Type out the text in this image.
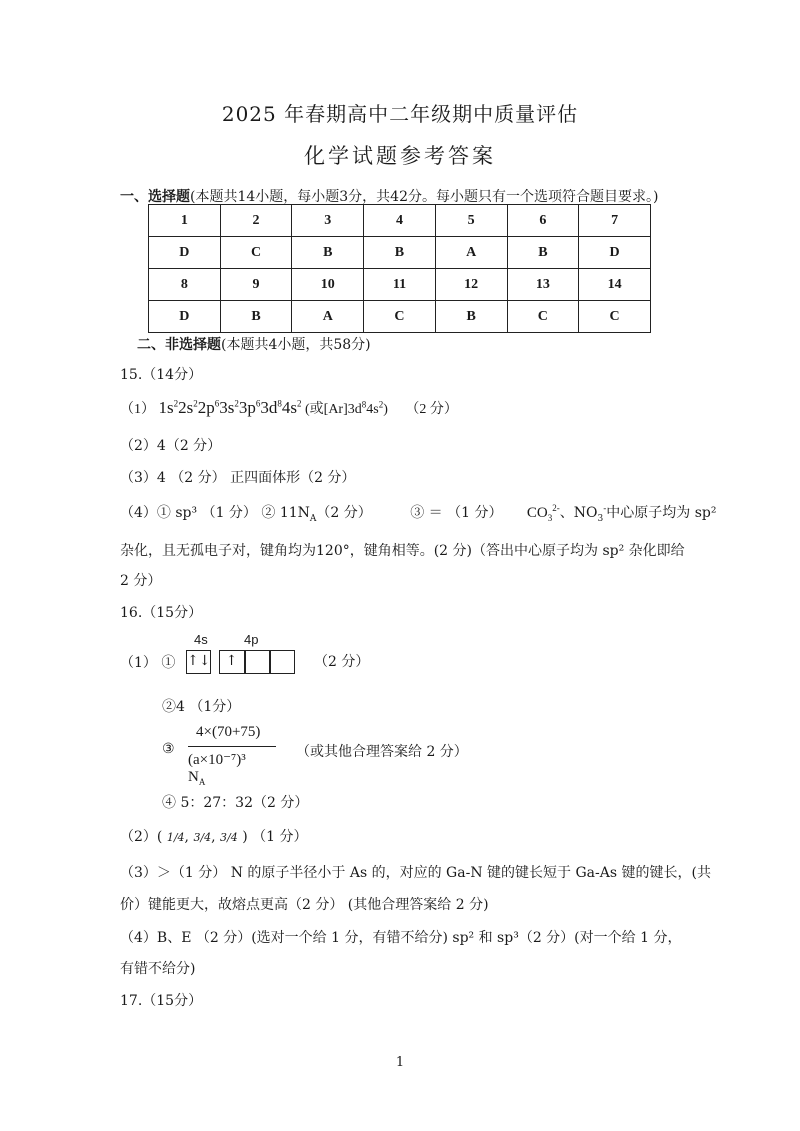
2025 年春期高中二年级期中质量评估
化学试题参考答案
一、选择题(本题共14小题，每小题3分，共42分。每小题只有一个选项符合题目要求。)
1	2	3	4	5	6	7
D	C	B	B	A	B	D
8	9	10	11	12	13	14
D	B	A	C	B	C	C
二、非选择题(本题共4小题，共58分)
15.（14分）
（1） $1s^22s^22p^63s^23p^63d^84s^2$ (或$[Ar]3d^84s^2$) （2 分）
（2）4（2 分）
（3）4 （2 分） 正四面体形（2 分）
（4）① sp³ （1 分） ② $11N_A(2$ 分）	③ ＝ （1 分） $CO_3^{2-}$、$NO_3^-$中心原子均为 sp²
杂化，且无孤电子对，键角均为120°，键角相等。(2 分)（答出中心原子均为 sp² 杂化即给
2 分）
16.（15分）
（1） ①
4s	4p
↑↓	↑	（2 分）
②4 （1分）
③
4×(70+75)
(a×10⁻⁷)³ $N_A$
（或其他合理答案给 2 分）
④ 5：27：32（2 分）
（2）( 1/4, 3/4, 3/4 ) （1 分）
（3）＞（1 分） N 的原子半径小于 As 的，对应的 Ga-N 键的键长短于 Ga-As 键的键长，(共
价）键能更大，故熔点更高（2 分） (其他合理答案给 2 分)
（4）B、E （2 分）(选对一个给 1 分，有错不给分) sp² 和 sp³（2 分）(对一个给 1 分，
有错不给分)
17.（15分）
1
